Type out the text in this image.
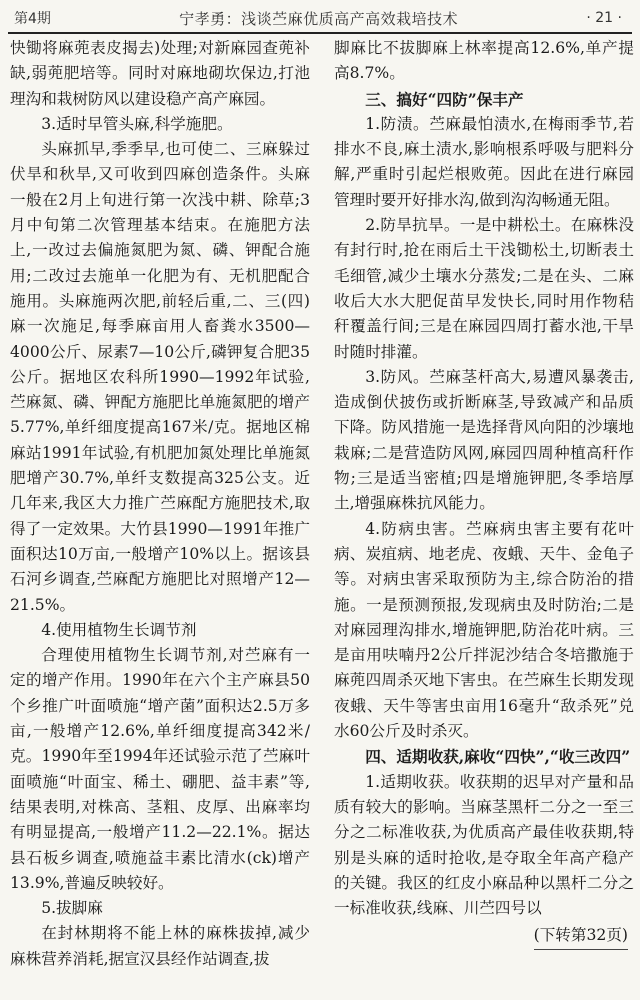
第4期	宁孝勇：浅谈苎麻优质高产高效栽培技术	· 21 ·

快锄将麻蔸表皮揭去)处理;对新麻园查蔸补缺,弱蔸肥培等。同时对麻地砌坎保边,打池理沟和栽树防风以建设稳产高产麻园。

3.适时早管头麻,科学施肥。

头麻抓早,季季早,也可使二、三麻躲过伏旱和秋旱,又可收到四麻创造条件。头麻一般在2月上旬进行第一次浅中耕、除草;3月中旬第二次管理基本结束。在施肥方法上,一改过去偏施氮肥为氮、磷、钾配合施用;二改过去施单一化肥为有、无机肥配合施用。头麻施两次肥,前轻后重,二、三(四)麻一次施足,每季麻亩用人畜粪水3500—4000公斤、尿素7—10公斤,磷钾复合肥35公斤。据地区农科所1990—1992年试验,苎麻氮、磷、钾配方施肥比单施氮肥的增产5.77%,单纤细度提高167米/克。据地区棉麻站1991年试验,有机肥加氮处理比单施氮肥增产30.7%,单纤支数提高325公支。近几年来,我区大力推广苎麻配方施肥技术,取得了一定效果。大竹县1990—1991年推广面积达10万亩,一般增产10%以上。据该县石河乡调查,苎麻配方施肥比对照增产12—21.5%。

4.使用植物生长调节剂

合理使用植物生长调节剂,对苎麻有一定的增产作用。1990年在六个主产麻县50个乡推广叶面喷施“增产菌”面积达2.5万多亩,一般增产12.6%,单纤细度提高342米/克。1990年至1994年还试验示范了苎麻叶面喷施“叶面宝、稀土、硼肥、益丰素”等,结果表明,对株高、茎粗、皮厚、出麻率均有明显提高,一般增产11.2—22.1%。据达县石板乡调查,喷施益丰素比清水(ck)增产13.9%,普遍反映较好。

5.拔脚麻

在封林期将不能上林的麻株拔掉,减少麻株营养消耗,据宣汉县经作站调查,拔

脚麻比不拔脚麻上林率提高12.6%,单产提高8.7%。

三、搞好“四防”保丰产

1.防渍。苎麻最怕渍水,在梅雨季节,若排水不良,麻土渍水,影响根系呼吸与肥料分解,严重时引起烂根败蔸。因此在进行麻园管理时要开好排水沟,做到沟沟畅通无阻。

2.防旱抗旱。一是中耕松土。在麻株没有封行时,抢在雨后土干浅锄松土,切断表土毛细管,减少土壤水分蒸发;二是在头、二麻收后大水大肥促苗早发快长,同时用作物秸秆覆盖行间;三是在麻园四周打蓄水池,干旱时随时排灌。

3.防风。苎麻茎杆高大,易遭风暴袭击,造成倒伏披伤或折断麻茎,导致减产和品质下降。防风措施一是选择背风向阳的沙壤地栽麻;二是营造防风网,麻园四周种植高秆作物;三是适当密植;四是增施钾肥,冬季培厚土,增强麻株抗风能力。

4.防病虫害。苎麻病虫害主要有花叶病、炭疽病、地老虎、夜蛾、天牛、金龟子等。对病虫害采取预防为主,综合防治的措施。一是预测预报,发现病虫及时防治;二是对麻园理沟排水,增施钾肥,防治花叶病。三是亩用呋喃丹2公斤拌泥沙结合冬培撒施于麻蔸四周杀灭地下害虫。在苎麻生长期发现夜蛾、天牛等害虫亩用16毫升“敌杀死”兑水60公斤及时杀灭。

四、适期收获,麻收“四快”,“收三改四”

1.适期收获。收获期的迟早对产量和品质有较大的影响。当麻茎黑杆二分之一至三分之二标准收获,为优质高产最佳收获期,特别是头麻的适时抢收,是夺取全年高产稳产的关键。我区的红皮小麻品种以黑杆二分之一标准收获,线麻、川苎四号以

(下转第32页)
